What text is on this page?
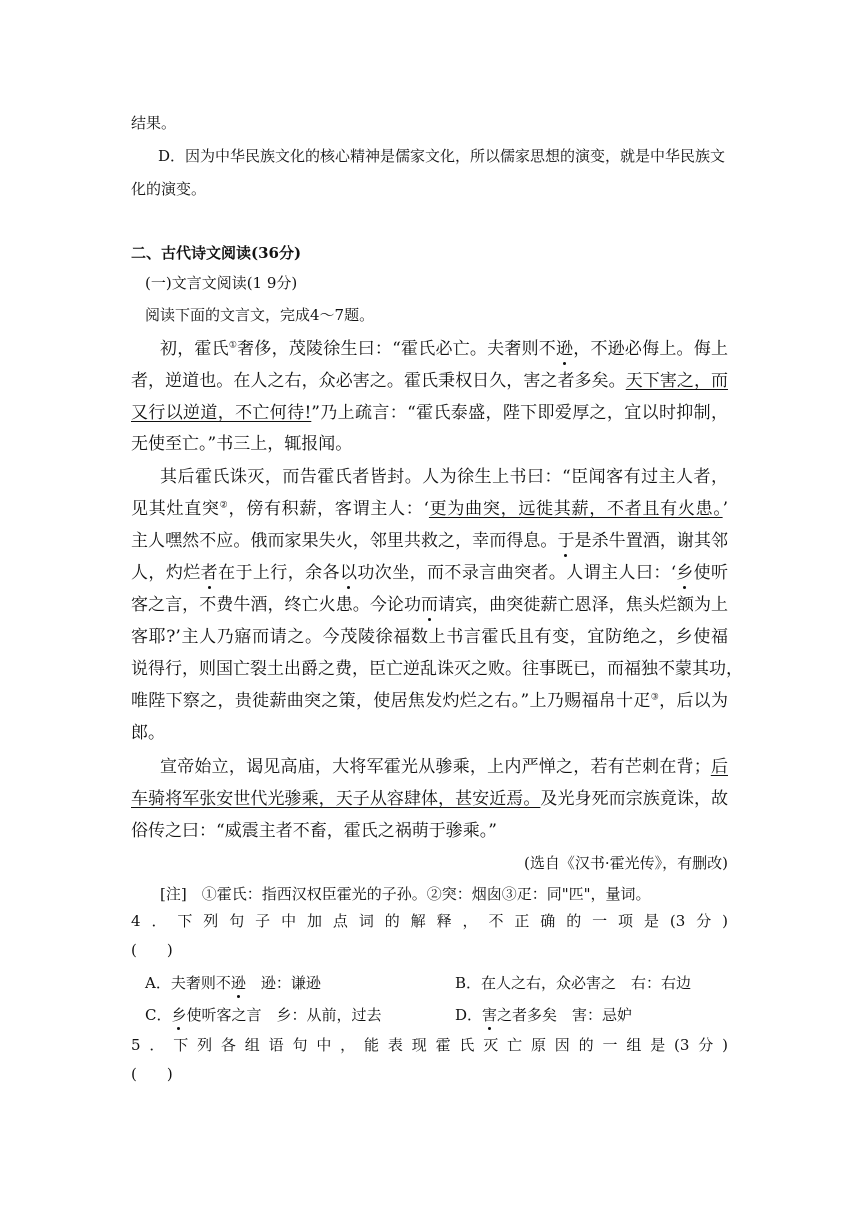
结果。
D．因为中华民族文化的核心精神是儒家文化，所以儒家思想的演变，就是中华民族文
化的演变。
二、古代诗文阅读(36分)
(一)文言文阅读(1 9分)
阅读下面的文言文，完成4～7题。
初，霍氏①奢侈，茂陵徐生曰：“霍氏必亡。夫奢则不逊，不逊必侮上。侮上
者，逆道也。在人之右，众必害之。霍氏秉权日久，害之者多矣。天下害之，而
又行以逆道，不亡何待!”乃上疏言：“霍氏泰盛，陛下即爱厚之，宜以时抑制，
无使至亡。”书三上，辄报闻。
其后霍氏诛灭，而告霍氏者皆封。人为徐生上书曰：“臣闻客有过主人者，
见其灶直突②，傍有积薪，客谓主人：‘更为曲突，远徙其薪，不者且有火患。’
主人嘿然不应。俄而家果失火，邻里共救之，幸而得息。于是杀牛置酒，谢其邻
人，灼烂者在于上行，余各以功次坐，而不录言曲突者。人谓主人曰：‘乡使听
客之言，不费牛酒，终亡火患。今论功而请宾，曲突徙薪亡恩泽，焦头烂额为上
客耶?’主人乃寤而请之。今茂陵徐福数上书言霍氏且有变，宜防绝之，乡使福
说得行，则国亡裂土出爵之费，臣亡逆乱诛灭之败。往事既已，而福独不蒙其功，
唯陛下察之，贵徙薪曲突之策，使居焦发灼烂之右。”上乃赐福帛十疋③，后以为
郎。
宣帝始立，谒见高庙，大将军霍光从骖乘，上内严惮之，若有芒刺在背；后
车骑将军张安世代光骖乘，天子从容肆体，甚安近焉。及光身死而宗族竟诛，故
俗传之曰：“威震主者不畜，霍氏之祸萌于骖乘。”
(选自《汉书·霍光传》，有删改)
[注]　①霍氏：指西汉权臣霍光的子孙。②突：烟囱③疋：同"匹"，量词。
4．下列句子中加点词的解释，不正确的一项是(3分)
(　　)
A．夫奢则不逊　逊：谦逊	B．在人之右，众必害之　右：右边
C．乡使听客之言　乡：从前，过去	D．害之者多矣　害：忌妒
5．下列各组语句中，能表现霍氏灭亡原因的一组是(3分)
(　　)
